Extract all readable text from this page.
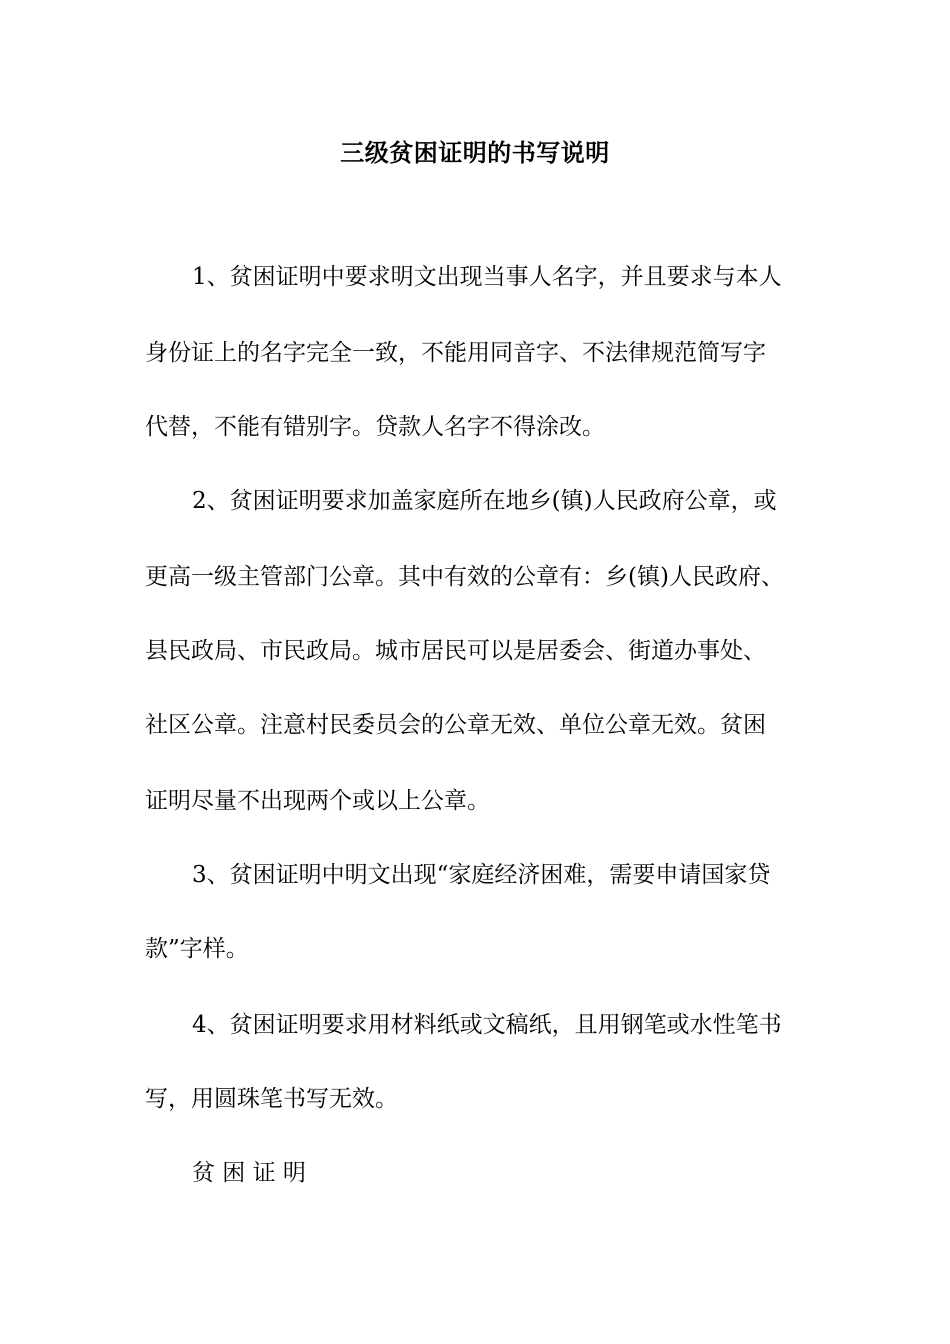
三级贫困证明的书写说明
1、贫困证明中要求明文出现当事人名字，并且要求与本人
身份证上的名字完全一致，不能用同音字、不法律规范简写字
代替，不能有错别字。贷款人名字不得涂改。
2、贫困证明要求加盖家庭所在地乡(镇)人民政府公章，或
更高一级主管部门公章。其中有效的公章有：乡(镇)人民政府、
县民政局、市民政局。城市居民可以是居委会、街道办事处、
社区公章。注意村民委员会的公章无效、单位公章无效。贫困
证明尽量不出现两个或以上公章。
3、贫困证明中明文出现“家庭经济困难，需要申请国家贷
款”字样。
4、贫困证明要求用材料纸或文稿纸，且用钢笔或水性笔书
写，用圆珠笔书写无效。
贫 困 证 明
